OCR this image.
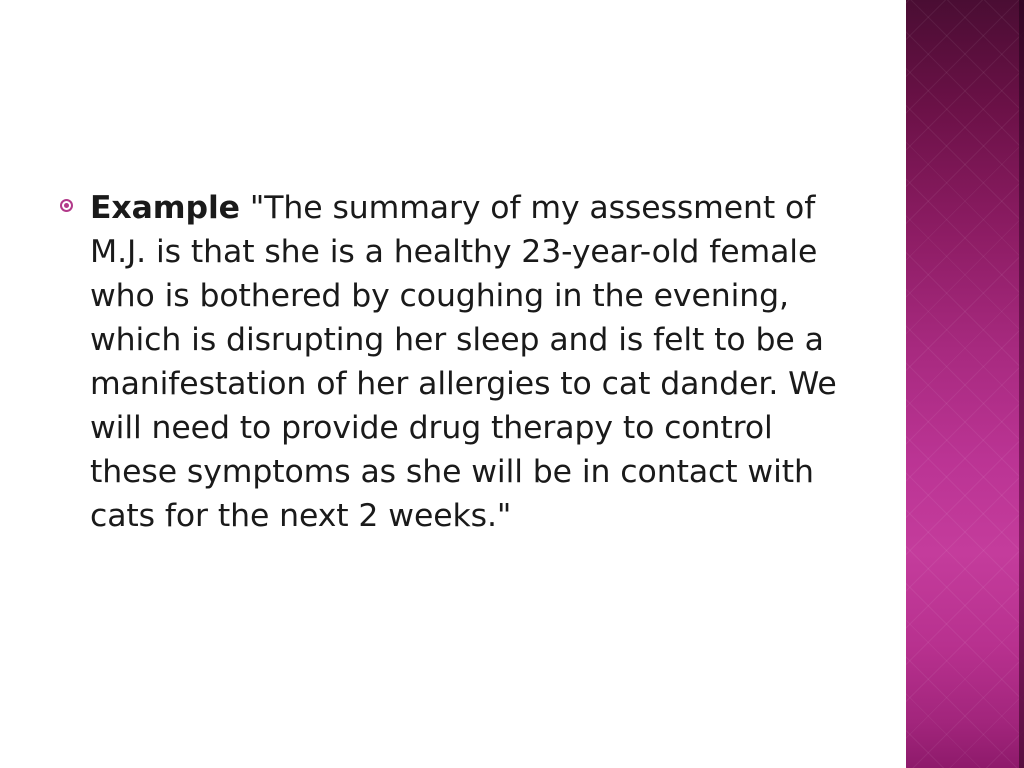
Example "The summary of my assessment of M.J. is that she is a healthy 23-year-old female who is bothered by coughing in the evening, which is disrupting her sleep and is felt to be a manifestation of her allergies to cat dander. We will need to provide drug therapy to control these symptoms as she will be in contact with cats for the next 2 weeks."
